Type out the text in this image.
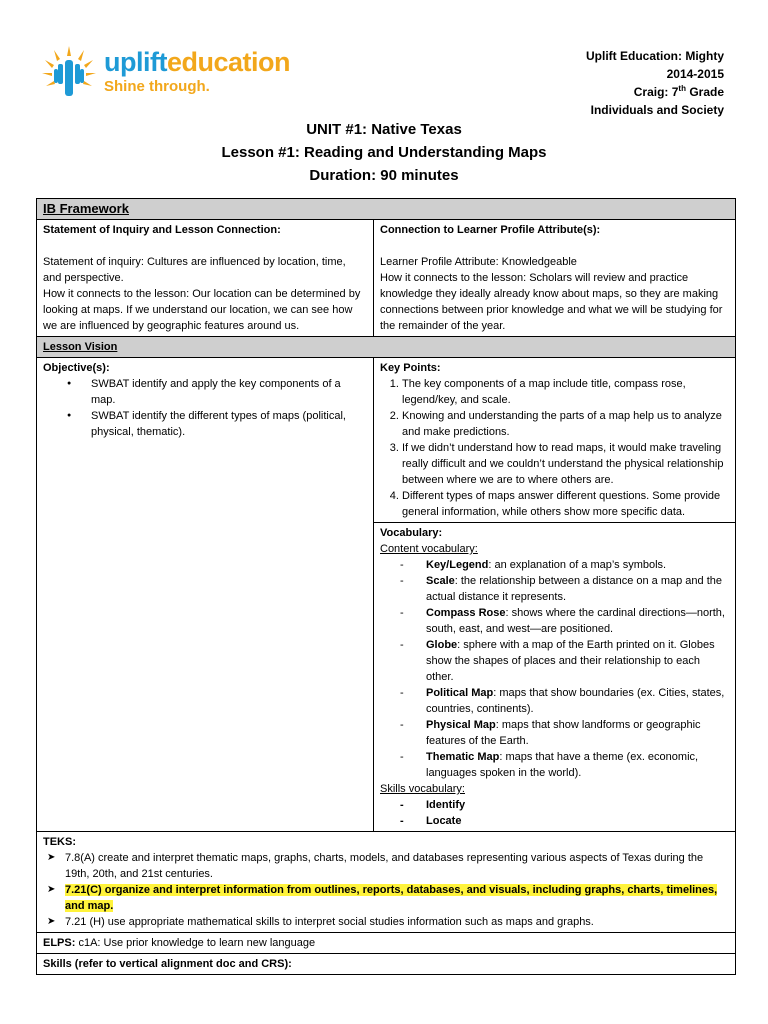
uplifteducation
Shine through.
Uplift Education: Mighty
2014-2015
Craig: 7th Grade
Individuals and Society
UNIT #1: Native Texas
Lesson #1: Reading and Understanding Maps
Duration: 90 minutes
IB Framework
Statement of Inquiry and Lesson Connection:
Statement of inquiry: Cultures are influenced by location, time, and perspective.
How it connects to the lesson: Our location can be determined by looking at maps. If we understand our location, we can see how we are influenced by geographic features around us.
Connection to Learner Profile Attribute(s):
Learner Profile Attribute: Knowledgeable
How it connects to the lesson: Scholars will review and practice knowledge they ideally already know about maps, so they are making connections between prior knowledge and what we will be studying for the remainder of the year.
Lesson Vision
Objective(s):
● SWBAT identify and apply the key components of a map.
● SWBAT identify the different types of maps (political, physical, thematic).
Key Points:
1. The key components of a map include title, compass rose, legend/key, and scale.
2. Knowing and understanding the parts of a map help us to analyze and make predictions.
3. If we didn’t understand how to read maps, it would make traveling really difficult and we couldn’t understand the physical relationship between where we are to where others are.
4. Different types of maps answer different questions. Some provide general information, while others show more specific data.
Vocabulary:
Content vocabulary:
- Key/Legend: an explanation of a map’s symbols.
- Scale: the relationship between a distance on a map and the actual distance it represents.
- Compass Rose: shows where the cardinal directions—north, south, east, and west—are positioned.
- Globe: sphere with a map of the Earth printed on it. Globes show the shapes of places and their relationship to each other.
- Political Map: maps that show boundaries (ex. Cities, states, countries, continents).
- Physical Map: maps that show landforms or geographic features of the Earth.
- Thematic Map: maps that have a theme (ex. economic, languages spoken in the world).
Skills vocabulary:
- Identify
- Locate
TEKS:
➤ 7.8(A) create and interpret thematic maps, graphs, charts, models, and databases representing various aspects of Texas during the 19th, 20th, and 21st centuries.
➤ 7.21(C) organize and interpret information from outlines, reports, databases, and visuals, including graphs, charts, timelines, and map.
➤ 7.21 (H) use appropriate mathematical skills to interpret social studies information such as maps and graphs.
ELPS: c1A: Use prior knowledge to learn new language
Skills (refer to vertical alignment doc and CRS):
